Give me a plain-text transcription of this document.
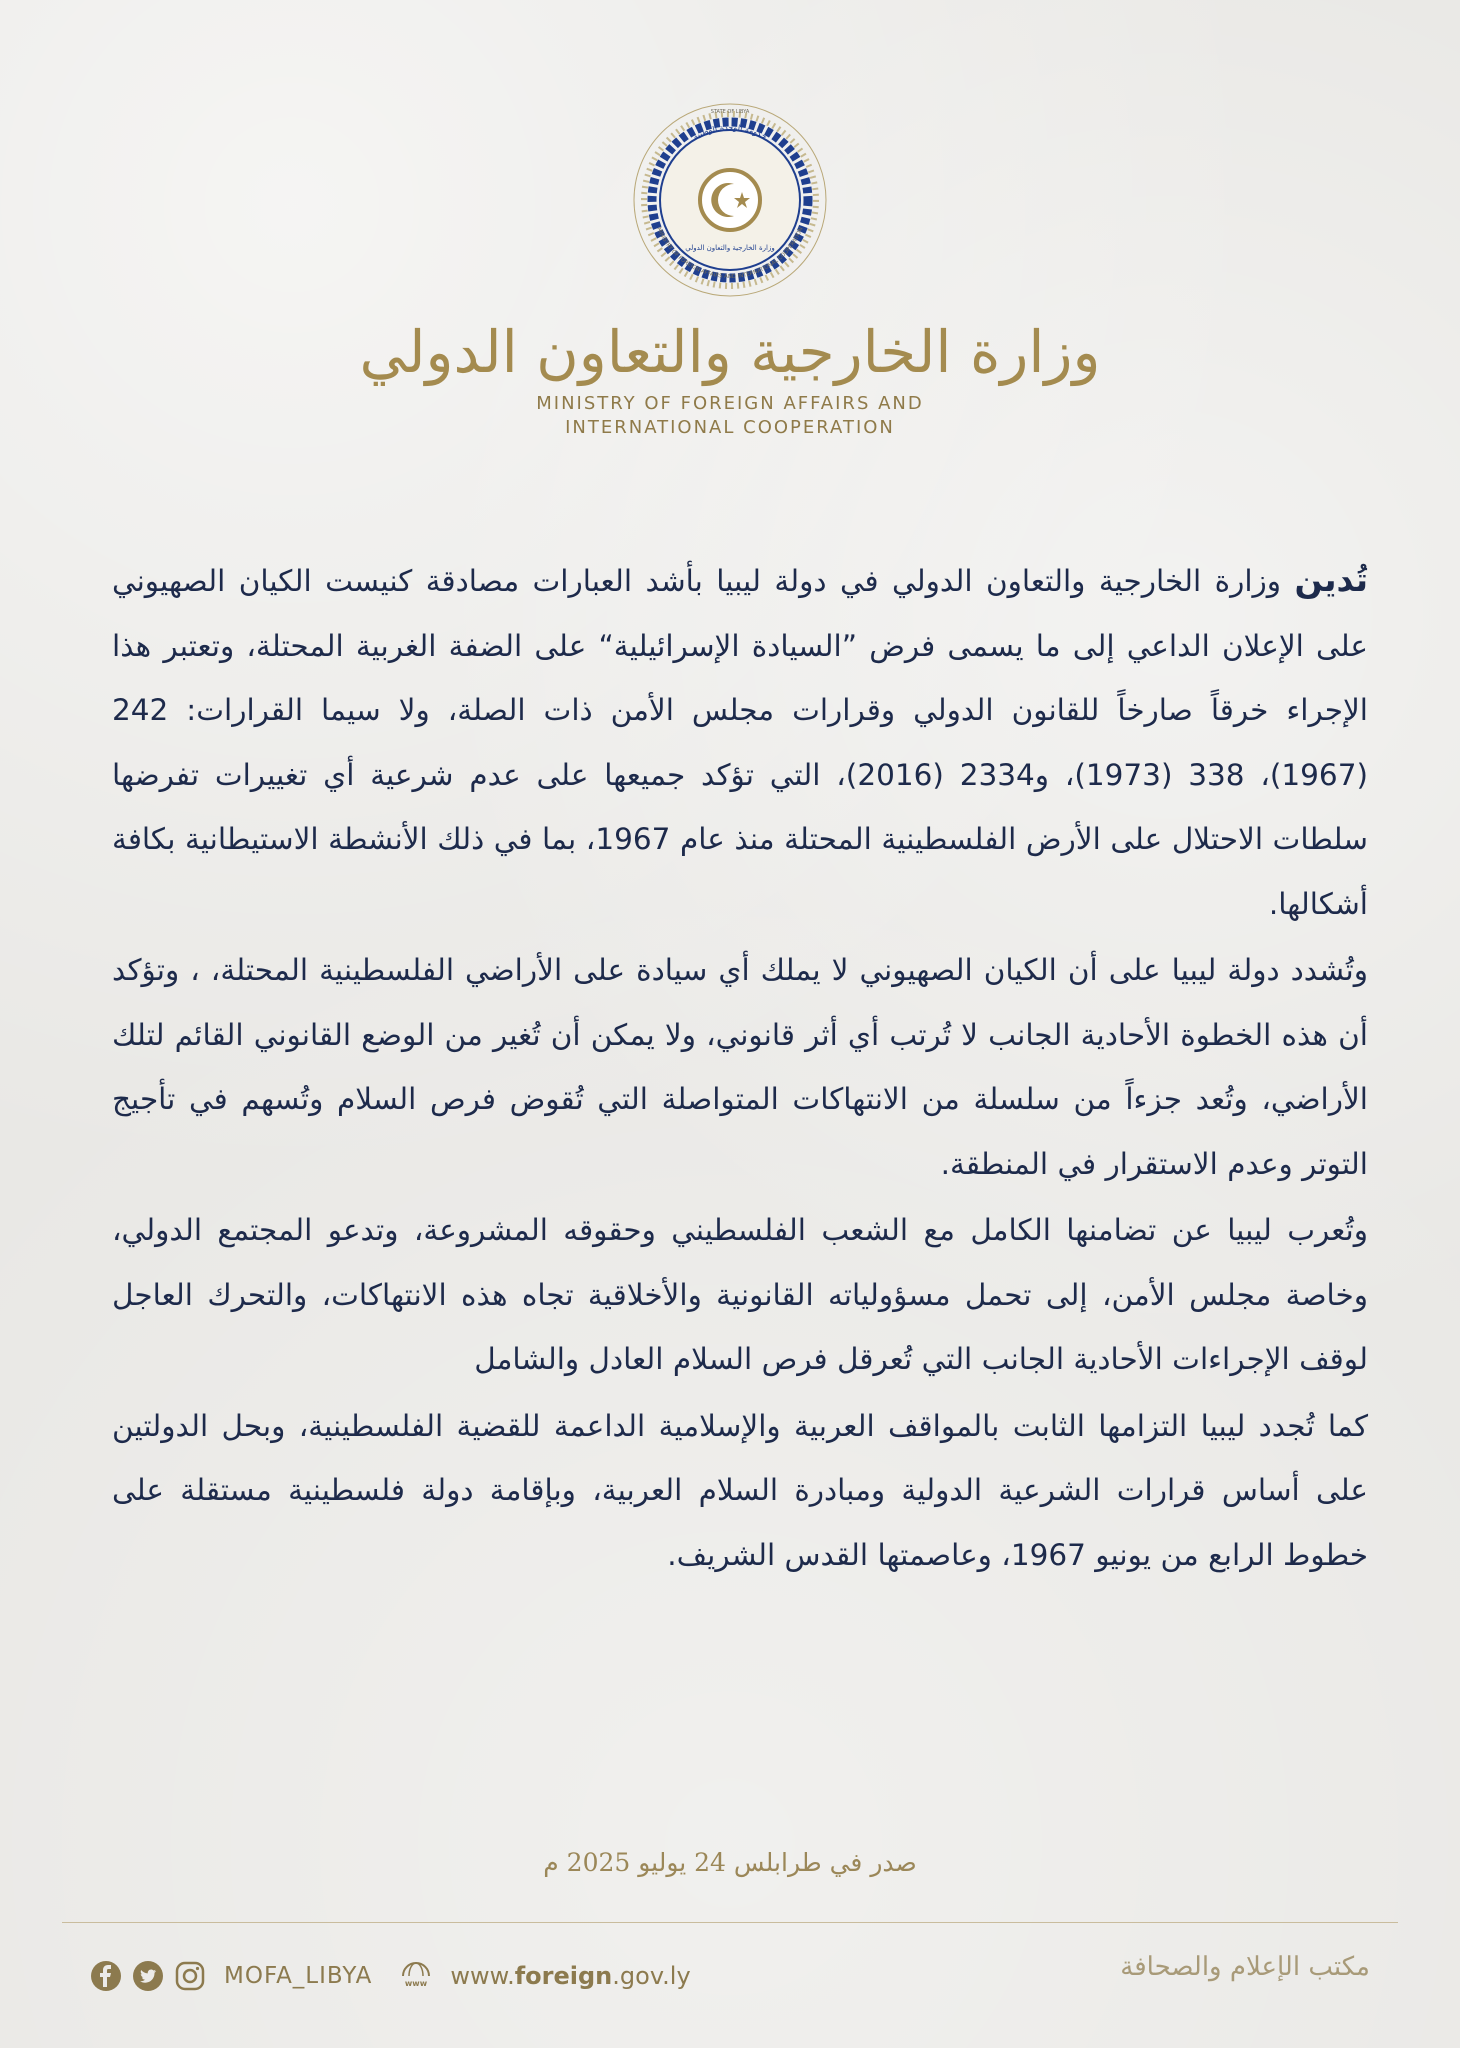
حكومة الوحدة الوطنية
MINISTRY OF FOREIGN AFFAIRS AND INTERNATIONAL COOPERATION
STATE OF LIBYA
وزارة الخارجية والتعاون الدولي
وزارة الخارجية والتعاون الدولي
MINISTRY OF FOREIGN AFFAIRS AND
INTERNATIONAL COOPERATION

تُدين وزارة الخارجية والتعاون الدولي في دولة ليبيا بأشد العبارات مصادقة كنيست الكيان الصهيوني على الإعلان الداعي إلى ما يسمى فرض ”السيادة الإسرائيلية“ على الضفة الغربية المحتلة، وتعتبر هذا الإجراء خرقاً صارخاً للقانون الدولي وقرارات مجلس الأمن ذات الصلة، ولا سيما القرارات: 242 (1967)، 338 (1973)، و2334 (2016)، التي تؤكد جميعها على عدم شرعية أي تغييرات تفرضها سلطات الاحتلال على الأرض الفلسطينية المحتلة منذ عام 1967، بما في ذلك الأنشطة الاستيطانية بكافة أشكالها.

وتُشدد دولة ليبيا على أن الكيان الصهيوني لا يملك أي سيادة على الأراضي الفلسطينية المحتلة، ، وتؤكد أن هذه الخطوة الأحادية الجانب لا تُرتب أي أثر قانوني، ولا يمكن أن تُغير من الوضع القانوني القائم لتلك الأراضي، وتُعد جزءاً من سلسلة من الانتهاكات المتواصلة التي تُقوض فرص السلام وتُسهم في تأجيج التوتر وعدم الاستقرار في المنطقة.

وتُعرب ليبيا عن تضامنها الكامل مع الشعب الفلسطيني وحقوقه المشروعة، وتدعو المجتمع الدولي، وخاصة مجلس الأمن، إلى تحمل مسؤولياته القانونية والأخلاقية تجاه هذه الانتهاكات، والتحرك العاجل لوقف الإجراءات الأحادية الجانب التي تُعرقل فرص السلام العادل والشامل

كما تُجدد ليبيا التزامها الثابت بالمواقف العربية والإسلامية الداعمة للقضية الفلسطينية، وبحل الدولتين على أساس قرارات الشرعية الدولية ومبادرة السلام العربية، وبإقامة دولة فلسطينية مستقلة على خطوط الرابع من يونيو 1967، وعاصمتها القدس الشريف.

صدر في طرابلس 24 يوليو 2025 م
MOFA_LIBYA	www www.foreign.gov.ly	مكتب الإعلام والصحافة
